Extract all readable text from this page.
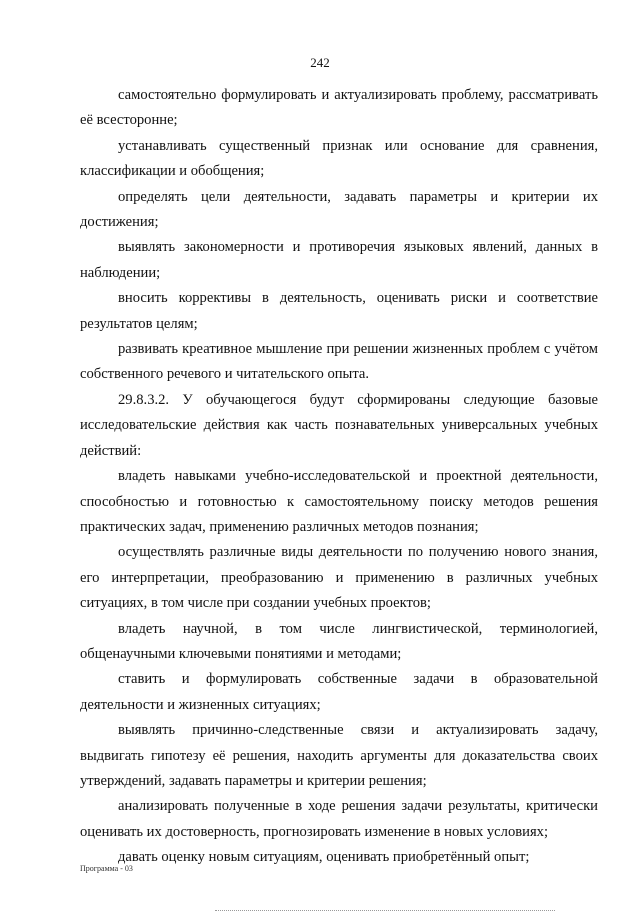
242

самостоятельно формулировать и актуализировать проблему, рассматривать её всесторонне;

устанавливать существенный признак или основание для сравнения, классификации и обобщения;

определять цели деятельности, задавать параметры и критерии их достижения;

выявлять закономерности и противоречия языковых явлений, данных в наблюдении;

вносить коррективы в деятельность, оценивать риски и соответствие результатов целям;

развивать креативное мышление при решении жизненных проблем с учётом собственного речевого и читательского опыта.

29.8.3.2. У обучающегося будут сформированы следующие базовые исследовательские действия как часть познавательных универсальных учебных действий:

владеть навыками учебно-исследовательской и проектной деятельности, способностью и готовностью к самостоятельному поиску методов решения практических задач, применению различных методов познания;

осуществлять различные виды деятельности по получению нового знания, его интерпретации, преобразованию и применению в различных учебных ситуациях, в том числе при создании учебных проектов;

владеть научной, в том числе лингвистической, терминологией, общенаучными ключевыми понятиями и методами;

ставить и формулировать собственные задачи в образовательной деятельности и жизненных ситуациях;

выявлять причинно-следственные связи и актуализировать задачу, выдвигать гипотезу её решения, находить аргументы для доказательства своих утверждений, задавать параметры и критерии решения;

анализировать полученные в ходе решения задачи результаты, критически оценивать их достоверность, прогнозировать изменение в новых условиях;

давать оценку новым ситуациям, оценивать приобретённый опыт;

Программа - 03
